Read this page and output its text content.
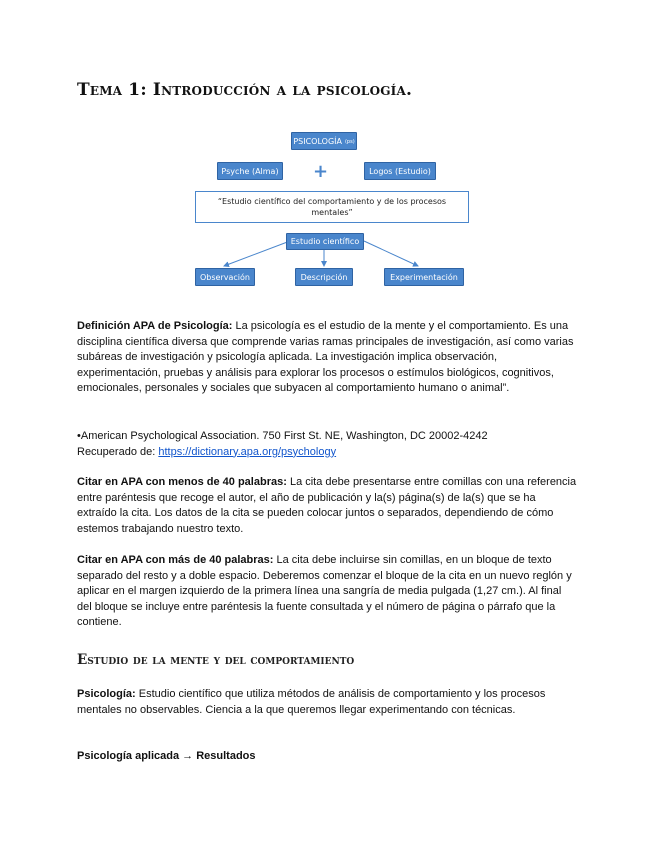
Tema 1: Introducción a la psicología.
PSICOLOGÍA (ps)
Psyche (Alma) +	Logos (Estudio)
“Estudio científico del comportamiento y de los procesos mentales”
Estudio científico
Observación	Descripción	Experimentación

Definición APA de Psicología: La psicología es el estudio de la mente y el comportamiento. Es una disciplina científica diversa que comprende varias ramas principales de investigación, así como varias subáreas de investigación y psicología aplicada. La investigación implica observación, experimentación, pruebas y análisis para explorar los procesos o estímulos biológicos, cognitivos, emocionales, personales y sociales que subyacen al comportamiento humano o animal”.

•American Psychological Association. 750 First St. NE, Washington, DC 20002-4242
Recuperado de: https://dictionary.apa.org/psychology

Citar en APA con menos de 40 palabras: La cita debe presentarse entre comillas con una referencia entre paréntesis que recoge el autor, el año de publicación y la(s) página(s) de la(s) que se ha extraído la cita. Los datos de la cita se pueden colocar juntos o separados, dependiendo de cómo estemos trabajando nuestro texto.

Citar en APA con más de 40 palabras: La cita debe incluirse sin comillas, en un bloque de texto separado del resto y a doble espacio. Deberemos comenzar el bloque de la cita en un nuevo reglón y aplicar en el margen izquierdo de la primera línea una sangría de media pulgada (1,27 cm.). Al final del bloque se incluye entre paréntesis la fuente consultada y el número de página o párrafo que la contiene.

Estudio de la mente y del comportamiento

Psicología: Estudio científico que utiliza métodos de análisis de comportamiento y los procesos mentales no observables. Ciencia a la que queremos llegar experimentando con técnicas.

Psicología aplicada → Resultados
